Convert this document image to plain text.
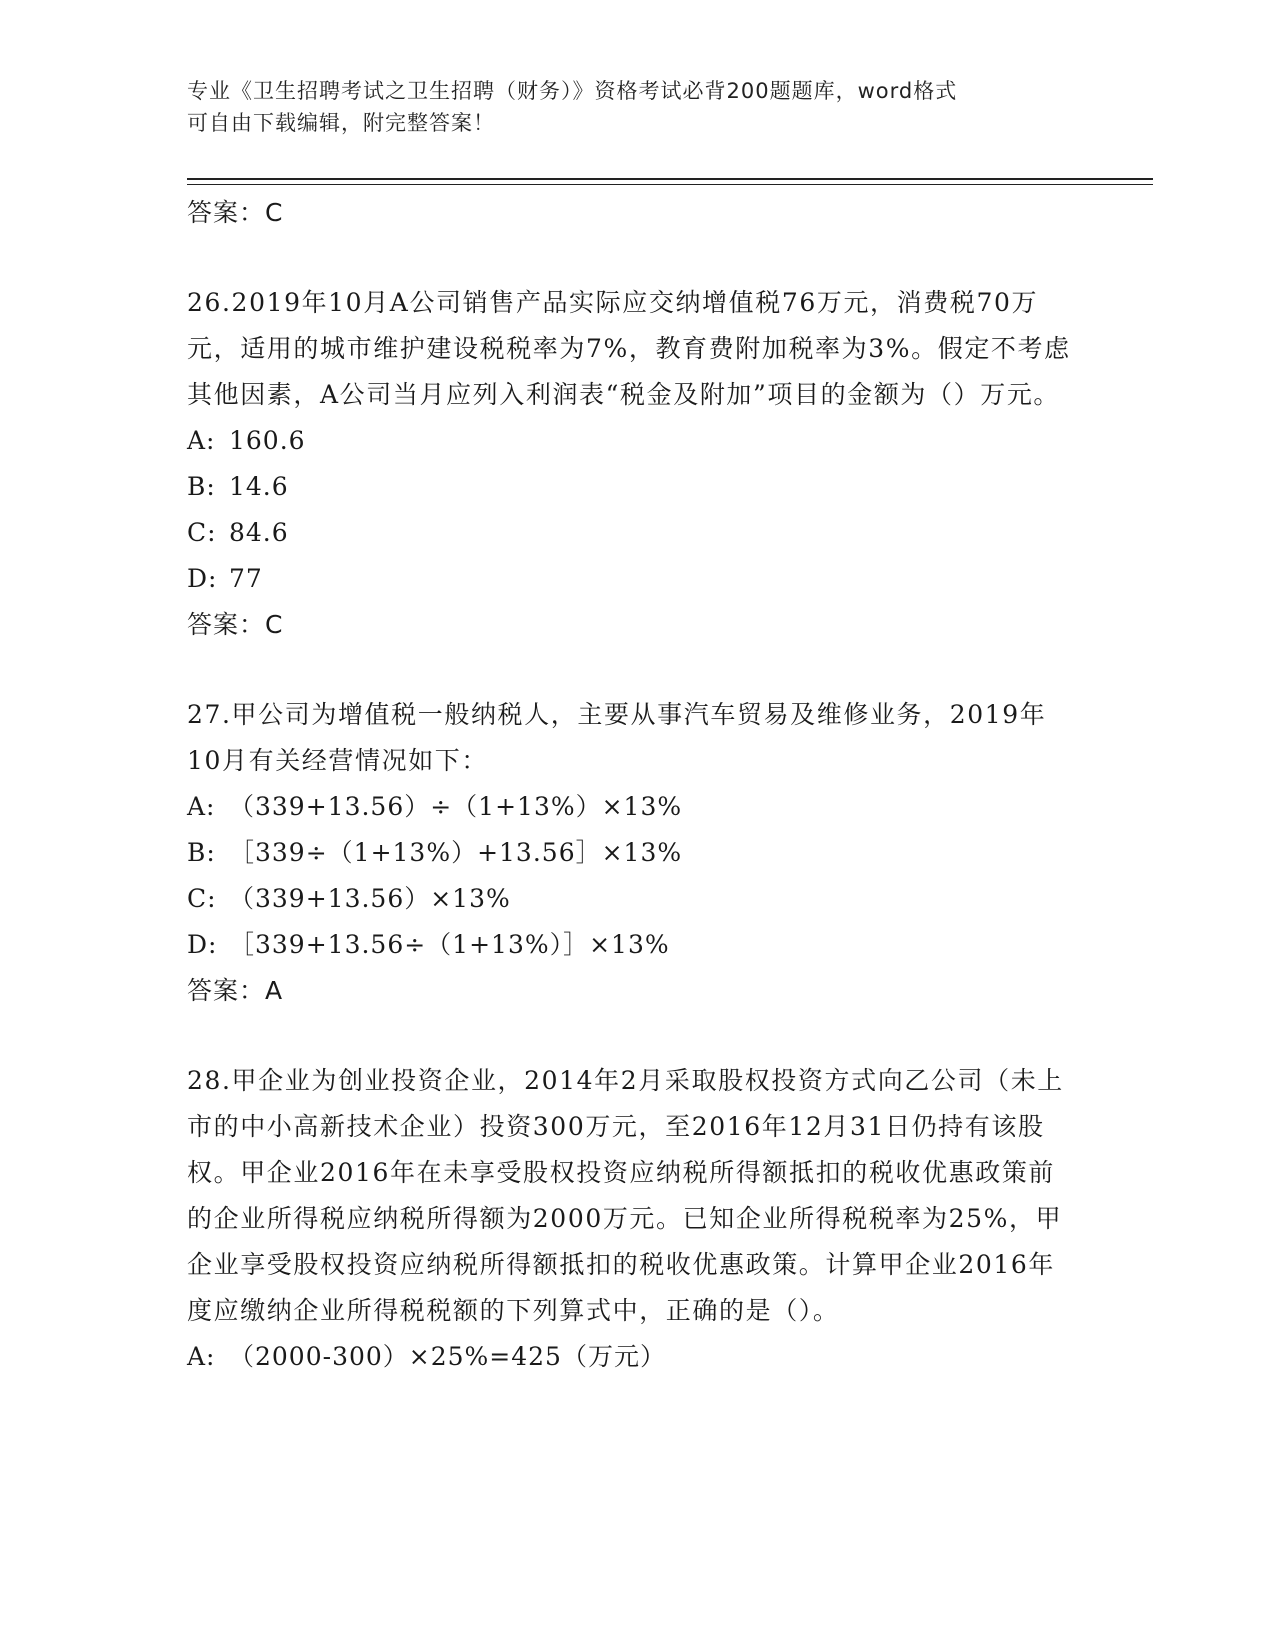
专业《卫生招聘考试之卫生招聘（财务）》资格考试必背200题题库，word格式

可自由下载编辑，附完整答案！

答案：C

26.2019年10月A公司销售产品实际应交纳增值税76万元，消费税70万元，适用的城市维护建设税税率为7%，教育费附加税率为3%。假定不考虑其他因素，A公司当月应列入利润表“税金及附加”项目的金额为（）万元。

A: 160.6

B: 14.6

C: 84.6

D: 77

答案：C

27.甲公司为增值税一般纳税人，主要从事汽车贸易及维修业务，2019年10月有关经营情况如下：

A: （339+13.56）÷（1+13%）×13%

B: ［339÷（1+13%）+13.56］×13%

C: （339+13.56）×13%

D: ［339+13.56÷（1+13%）］×13%

答案：A

28.甲企业为创业投资企业，2014年2月采取股权投资方式向乙公司（未上市的中小高新技术企业）投资300万元，至2016年12月31日仍持有该股权。甲企业2016年在未享受股权投资应纳税所得额抵扣的税收优惠政策前的企业所得税应纳税所得额为2000万元。已知企业所得税税率为25%，甲企业享受股权投资应纳税所得额抵扣的税收优惠政策。计算甲企业2016年度应缴纳企业所得税税额的下列算式中，正确的是（）。

A: （2000-300）×25%=425（万元）
